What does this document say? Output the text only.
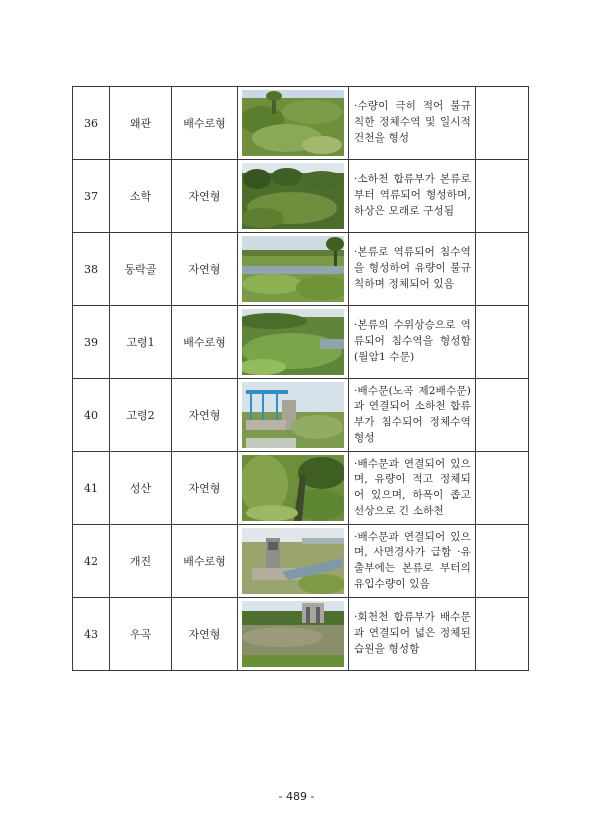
36	왜관	배수로형		·수량이 극히 적어 불규칙한 정체수역 및 일시적 건천을 형성	
37	소학	자연형		·소하천 합류부가 본류로부터 역류되어 형성하며, 하상은 모래로 구성됨	
38	동락골	자연형		·본류로 역류되어 침수역을 형성하여 유량이 불규칙하며 정체되어 있음	
39	고령1	배수로형		·본류의 수위상승으로 역류되어 침수역을 형성함(월암1 수문)	
40	고령2	자연형		·배수문(노곡 제2배수문)과 연결되어 소하천 합류부가 침수되어 정체수역 형성	
41	성산	자연형		·배수문과 연결되어 있으며, 유량이 적고 정체되어 있으며, 하폭이 좁고 선상으로 긴 소하천	
42	개진	배수로형		·배수문과 연결되어 있으며, 사면경사가 급함 ·유출부에는 본류로 부터의 유입수량이 있음	
43	우곡	자연형		·회천천 합류부가 배수문과 연결되어 넓은 정체된 습원을 형성함	
- 489 -
